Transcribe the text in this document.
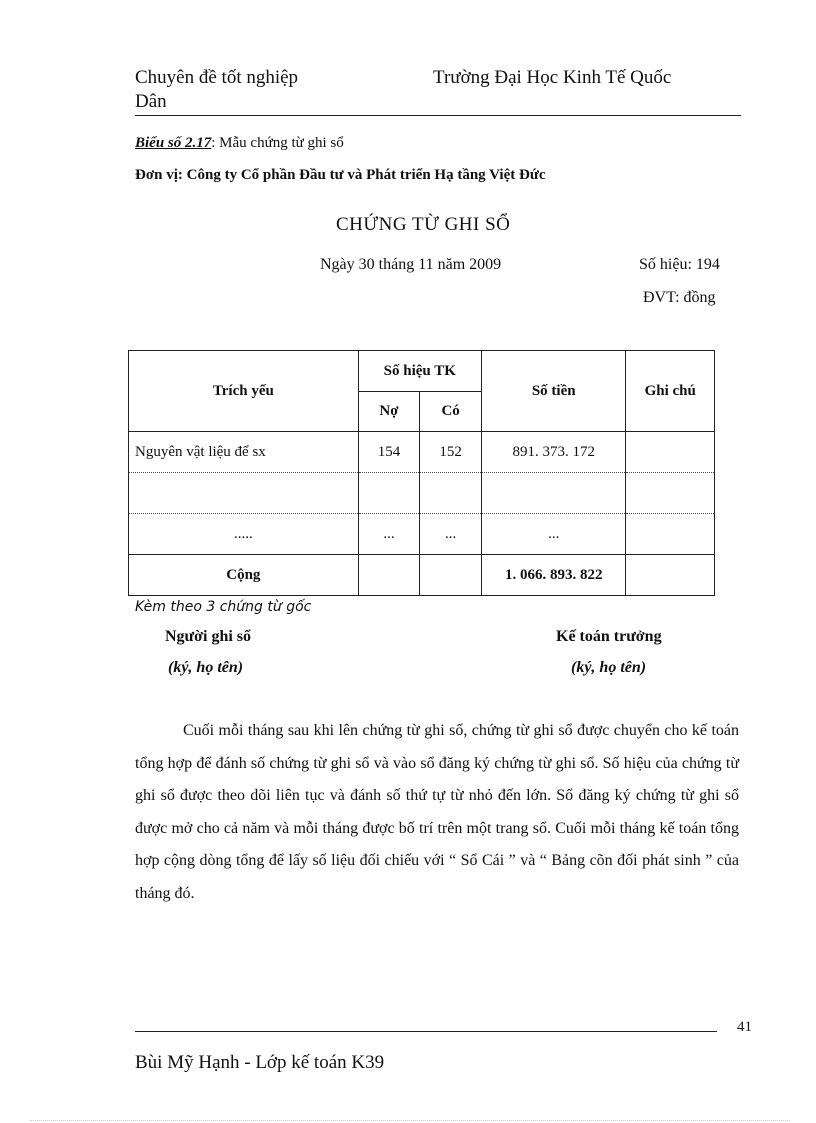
Chuyên đề tốt nghiệp	Trường Đại Học Kinh Tế Quốc
Dân
Biểu số 2.17: Mẫu chứng từ ghi sổ
Đơn vị: Công ty Cổ phần Đầu tư và Phát triển Hạ tầng Việt Đức
CHỨNG TỪ GHI SỔ
Ngày 30 tháng 11 năm 2009	Số hiệu: 194
ĐVT: đồng
Trích yếu	Số hiệu TK		Số tiền	Ghi chú
	Nợ	Có		
Nguyên vật liệu để sx	154	152	891. 373. 172	

.....	...	...	...	
Cộng			1. 066. 893. 822	
Kèm theo 3 chứng từ gốc
Người ghi sổ
(ký, họ tên)
Kế toán trưởng
(ký, họ tên)
Cuối mỗi tháng sau khi lên chứng từ ghi sổ, chứng từ ghi sổ được chuyển cho kế toán tổng hợp để đánh số chứng từ ghi sổ và vào sổ đăng ký chứng từ ghi sổ. Số hiệu của chứng từ ghi sổ được theo dõi liên tục và đánh số thứ tự từ nhỏ đến lớn. Sổ đăng ký chứng từ ghi sổ được mở cho cả năm và mỗi tháng được bố trí trên một trang sổ. Cuối mỗi tháng kế toán tổng hợp cộng dòng tổng để lấy số liệu đối chiếu với “ Sổ Cái ” và “ Bảng cõn đối phát sinh ” của tháng đó.
41
Bùi Mỹ Hạnh - Lớp kế toán K39
